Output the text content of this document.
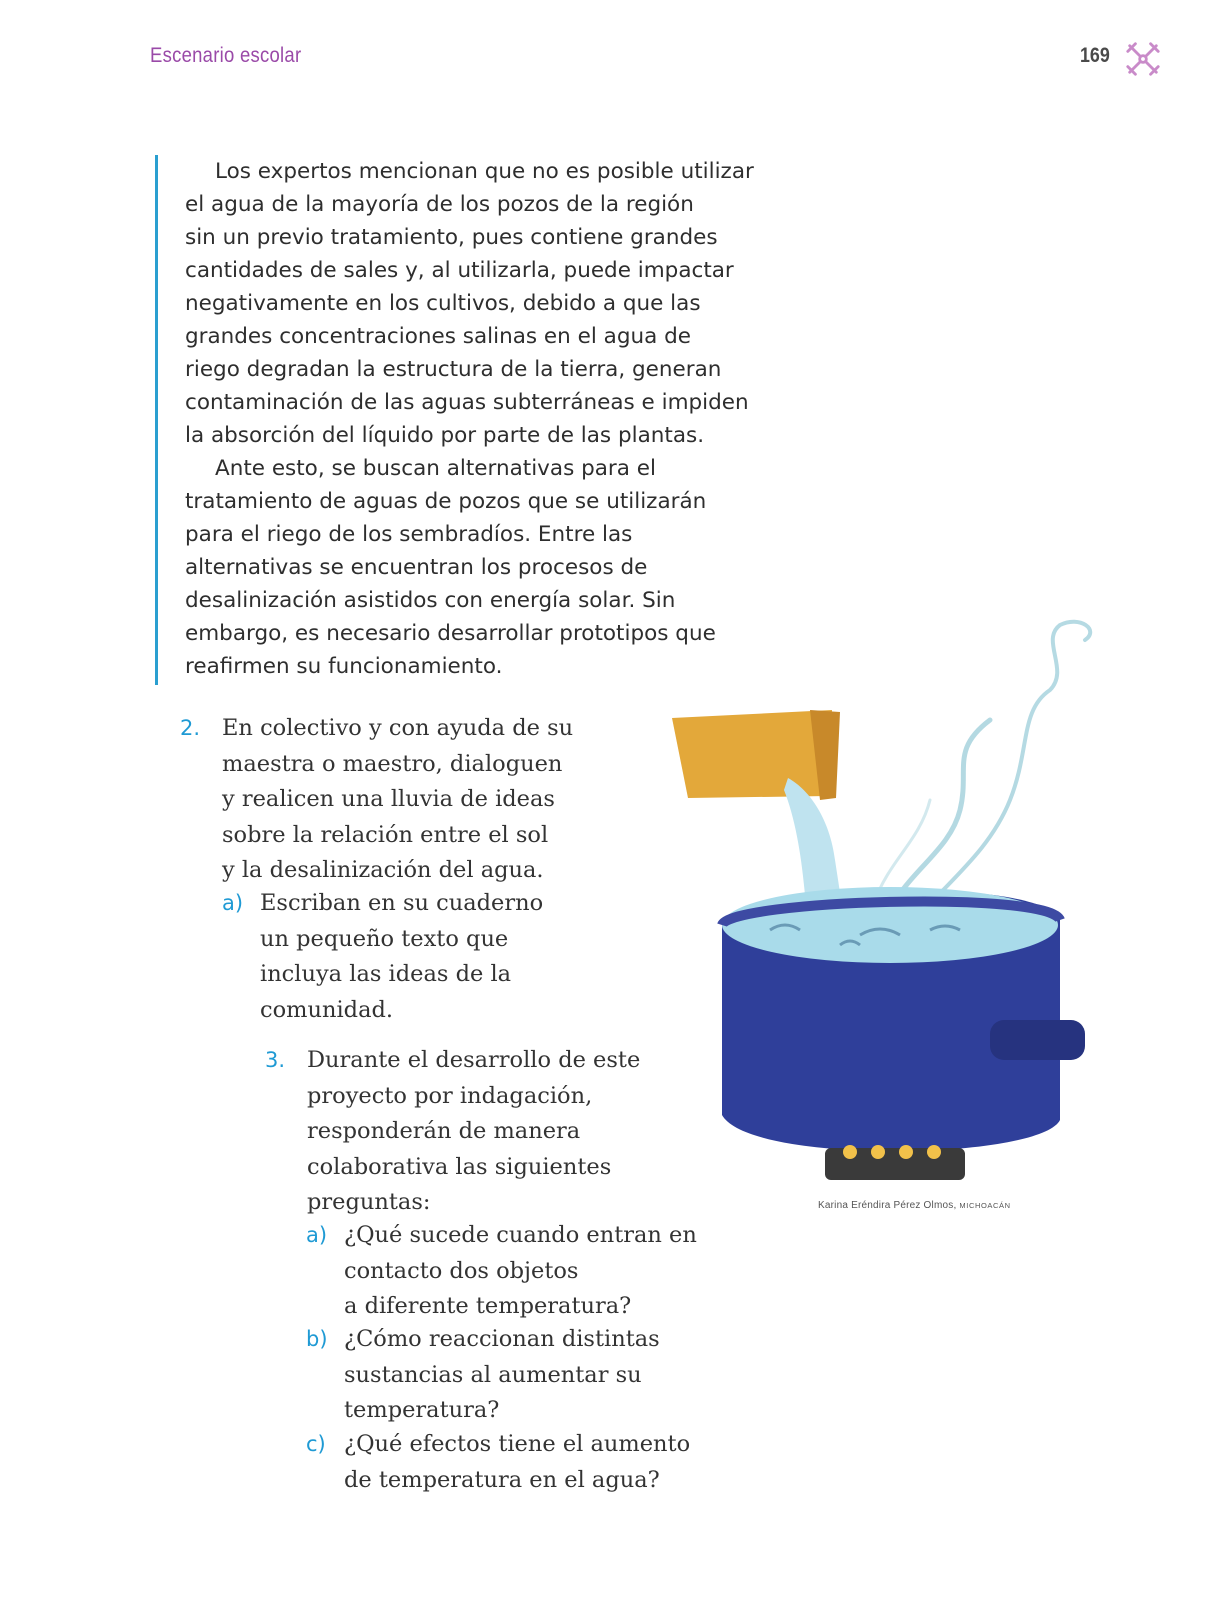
Escenario escolar	169

Los expertos mencionan que no es posible utilizar
el agua de la mayoría de los pozos de la región
sin un previo tratamiento, pues contiene grandes
cantidades de sales y, al utilizarla, puede impactar
negativamente en los cultivos, debido a que las
grandes concentraciones salinas en el agua de
riego degradan la estructura de la tierra, generan
contaminación de las aguas subterráneas e impiden
la absorción del líquido por parte de las plantas.

Ante esto, se buscan alternativas para el
tratamiento de aguas de pozos que se utilizarán
para el riego de los sembradíos. Entre las
alternativas se encuentran los procesos de
desalinización asistidos con energía solar. Sin
embargo, es necesario desarrollar prototipos que
reafirmen su funcionamiento.

2. En colectivo y con ayuda de su
maestra o maestro, dialoguen
y realicen una lluvia de ideas
sobre la relación entre el sol
y la desalinización del agua.
a) Escriban en su cuaderno
un pequeño texto que
incluya las ideas de la
comunidad.
3. Durante el desarrollo de este
proyecto por indagación,
responderán de manera
colaborativa las siguientes
preguntas:
a) ¿Qué sucede cuando entran en
contacto dos objetos
a diferente temperatura?
b) ¿Cómo reaccionan distintas
sustancias al aumentar su
temperatura?
c) ¿Qué efectos tiene el aumento
de temperatura en el agua?
Karina Eréndira Pérez Olmos, MICHOACÁN
